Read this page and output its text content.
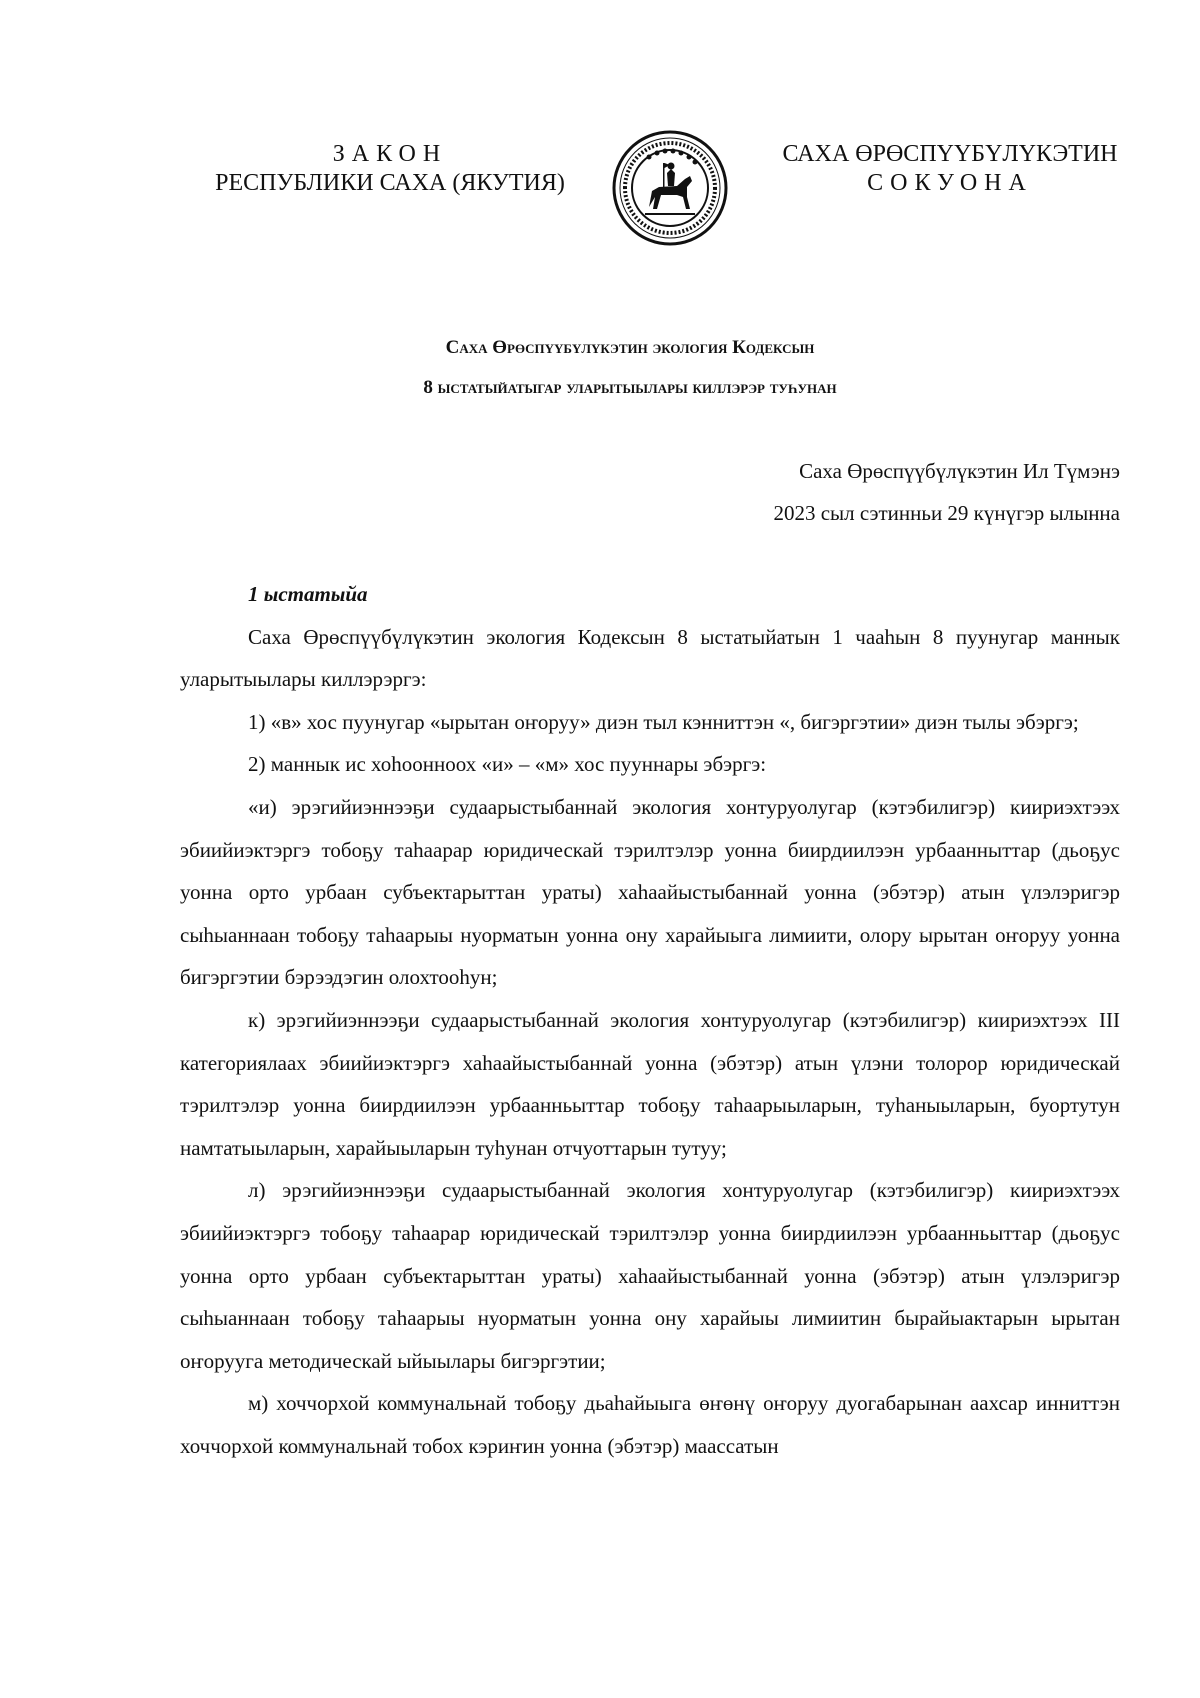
ЗАКОН
РЕСПУБЛИКИ САХА (ЯКУТИЯ)
САХА ӨРӨСПҮҮБҮЛҮКЭТИН
СОКУОНА
Саха Өрөспүүбүлүкэтин экология Кодексын
8 ыстатыйатыгар уларытыылары киллэрэр туһунан
Саха Өрөспүүбүлүкэтин Ил Түмэнэ
2023 сыл сэтинньи 29 күнүгэр ылынна
1 ыстатыйа

Саха Өрөспүүбүлүкэтин экология Кодексын 8 ыстатыйатын 1 чааһын 8 пуунугар маннык уларытыылары киллэрэргэ:

1) «в» хос пуунугар «ырытан оҥоруу» диэн тыл кэнниттэн «, бигэргэтии» диэн тылы эбэргэ;

2) маннык ис хоһооннoох «и» – «м» хос пууннары эбэргэ:

«и) эрэгийиэннээҕи судаарыстыбаннай экология хонтуруолугар (кэтэбилигэр) киириэхтээх эбиийиэктэргэ тобоҕу таһаарар юридическай тэрилтэлэр уонна биирдиилээн урбаанныттар (дьоҕус уонна орто урбаан субъектарыттан ураты) хаһаайыстыбаннай уонна (эбэтэр) атын үлэлэригэр сыһыаннаан тобоҕу таһаарыы нуорматын уонна ону харайыыга лимиити, олору ырытан оҥоруу уонна бигэргэтии бэрээдэгин олохтооһун;

к) эрэгийиэннээҕи судаарыстыбаннай экология хонтуруолугар (кэтэбилигэр) киириэхтээх III категориялаах эбиийиэктэргэ хаһаайыстыбаннай уонна (эбэтэр) атын үлэни толорор юридическай тэрилтэлэр уонна биирдиилээн урбаанньыттар тобоҕу таһаарыыларын, туһаныыларын, буортутун намтатыыларын, харайыыларын туһунан отчуоттарын тутуу;

л) эрэгийиэннээҕи судаарыстыбаннай экология хонтуруолугар (кэтэбилигэр) киириэхтээх эбиийиэктэргэ тобоҕу таһаарар юридическай тэрилтэлэр уонна биирдиилээн урбаанньыттар (дьоҕус уонна орто урбаан субъектарыттан ураты) хаһаайыстыбаннай уонна (эбэтэр) атын үлэлэригэр сыһыаннаан тобоҕу таһаарыы нуорматын уонна ону харайыы лимиитин бырайыактарын ырытан оҥорууга методическай ыйыылары бигэргэтии;

м) хоччорхой коммунальнай тобоҕу дьаһайыыга өҥөнү оҥоруу дуогабарынан аахсар инниттэн хоччорхой коммунальнай тобох кэриҥин уонна (эбэтэр) маассатын
